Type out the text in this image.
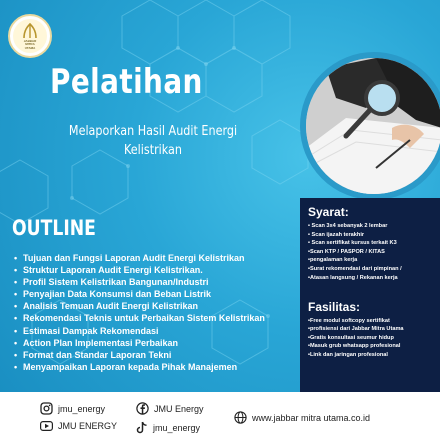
JABBAR
MITRA
UTAMA
Pelatihan
Melaporkan Hasil Audit Energi
Kelistrikan
OUTLINE
• Tujuan dan Fungsi Laporan Audit Energi Kelistrikan
• Struktur Laporan Audit Energi Kelistrikan.
• Profil Sistem Kelistrikan Bangunan/Industri
• Penyajian Data Konsumsi dan Beban Listrik
• Analisis Temuan Audit Energi Kelistrikan
• Rekomendasi Teknis untuk Perbaikan Sistem Kelistrikan
• Estimasi Dampak Rekomendasi
• Action Plan Implementasi Perbaikan
• Format dan Standar Laporan Tekni
• Menyampaikan Laporan kepada Pihak Manajemen
Syarat:
• Scan 3x4 sebanyak 2 lembar
• Scan ijazah terakhir
• Scan sertifikat kursus terkait K3
•Scan KTP / PASPOR / KITAS
•pengalaman kerja
•Surat rekomendasi dari pimpinan /
•Atasan langsung / Rekanan kerja
Fasilitas:
•Free modul softcopy sertifikat
•profisiensi dari Jabbar Mitra Utama
•Gratis konsultasi seumur hidup
•Masuk grub whatsapp profesional
•Link dan jaringan profesional
jmu_energy
JMU ENERGY
JMU Energy
jmu_energy
www.jabbar mitra utama.co.id
